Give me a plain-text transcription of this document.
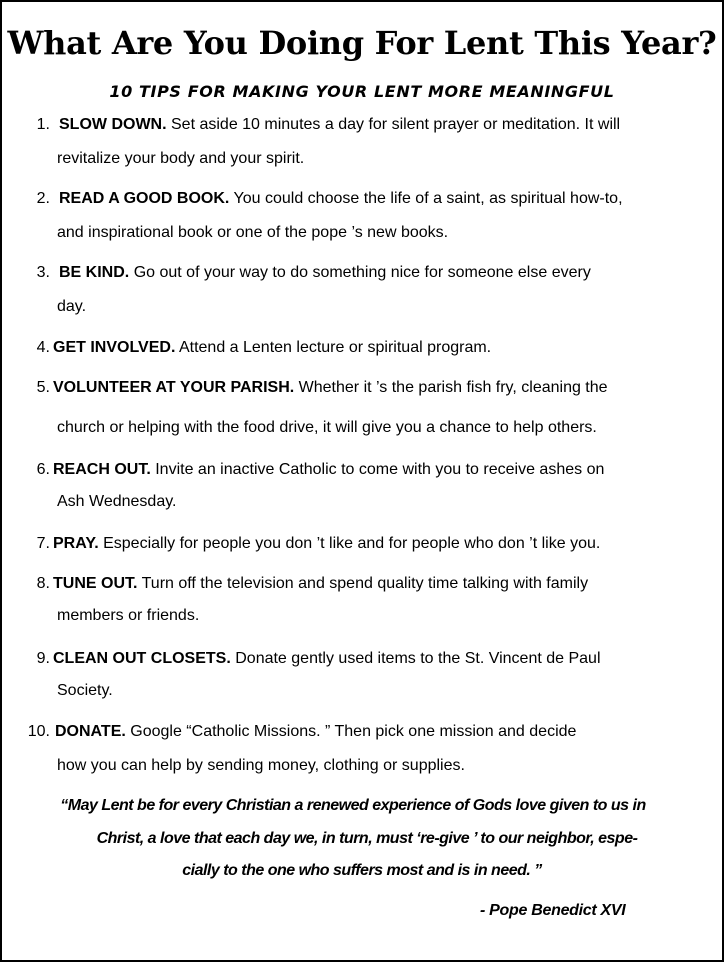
What Are You Doing For Lent This Year?
10 TIPS FOR MAKING YOUR LENT MORE MEANINGFUL
1. SLOW DOWN. Set aside 10 minutes a day for silent prayer or meditation. It will
revitalize your body and your spirit.
2. READ A GOOD BOOK. You could choose the life of a saint, as spiritual how-to,
and inspirational book or one of the pope ’s new books.
3. BE KIND. Go out of your way to do something nice for someone else every
day.
4. GET INVOLVED. Attend a Lenten lecture or spiritual program.
5. VOLUNTEER AT YOUR PARISH. Whether it ’s the parish fish fry, cleaning the
church or helping with the food drive, it will give you a chance to help others.
6. REACH OUT. Invite an inactive Catholic to come with you to receive ashes on
Ash Wednesday.
7. PRAY. Especially for people you don ’t like and for people who don ’t like you.
8. TUNE OUT. Turn off the television and spend quality time talking with family
members or friends.
9. CLEAN OUT CLOSETS. Donate gently used items to the St. Vincent de Paul
Society.
10. DONATE. Google “Catholic Missions. ” Then pick one mission and decide
how you can help by sending money, clothing or supplies.
“May Lent be for every Christian a renewed experience of Gods love given to us in
Christ, a love that each day we, in turn, must ‘re-give ’ to our neighbor, espe-
cially to the one who suffers most and is in need. ”
- Pope Benedict XVI
